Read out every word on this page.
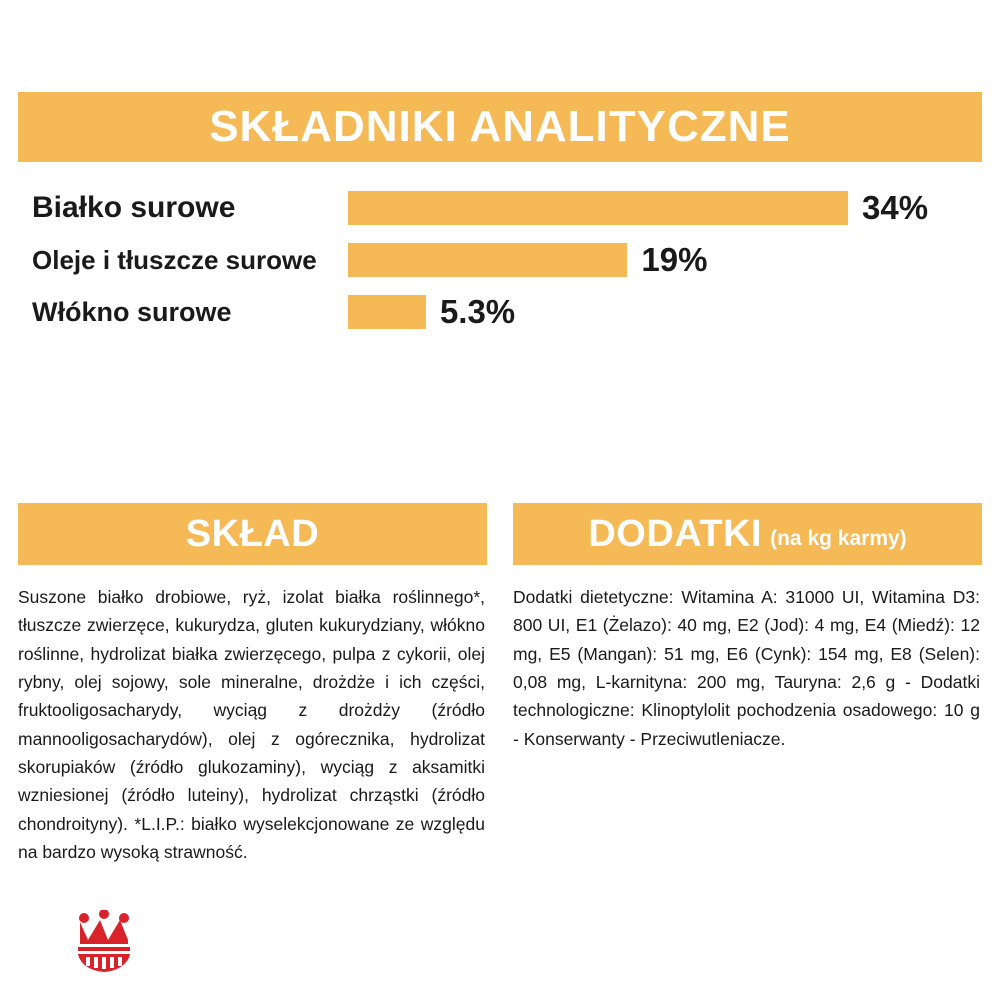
SKŁADNIKI ANALITYCZNE
Białko surowe	34%
Oleje i tłuszcze surowe	19%
Włókno surowe	5.3%
SKŁAD
Suszone białko drobiowe, ryż, izolat białka roślinnego*, tłuszcze zwierzęce, kukurydza, gluten kukurydziany, włókno roślinne, hydrolizat białka zwierzęcego, pulpa z cykorii, olej rybny, olej sojowy, sole mineralne, drożdże i ich części, fruktooligosacharydy, wyciąg z drożdży (źródło mannooligosacharydów), olej z ogórecznika, hydrolizat skorupiaków (źródło glukozaminy), wyciąg z aksamitki wzniesionej (źródło luteiny), hydrolizat chrząstki (źródło chondroityny). *L.I.P.: białko wyselekcjonowane ze względu na bardzo wysoką strawność.
DODATKI (na kg karmy)
Dodatki dietetyczne: Witamina A: 31000 UI, Witamina D3: 800 UI, E1 (Żelazo): 40 mg, E2 (Jod): 4 mg, E4 (Miedź): 12 mg, E5 (Mangan): 51 mg, E6 (Cynk): 154 mg, E8 (Selen): 0,08 mg, L-karnityna: 200 mg, Tauryna: 2,6 g - Dodatki technologiczne: Klinoptylolit pochodzenia osadowego: 10 g - Konserwanty - Przeciwutleniacze.
